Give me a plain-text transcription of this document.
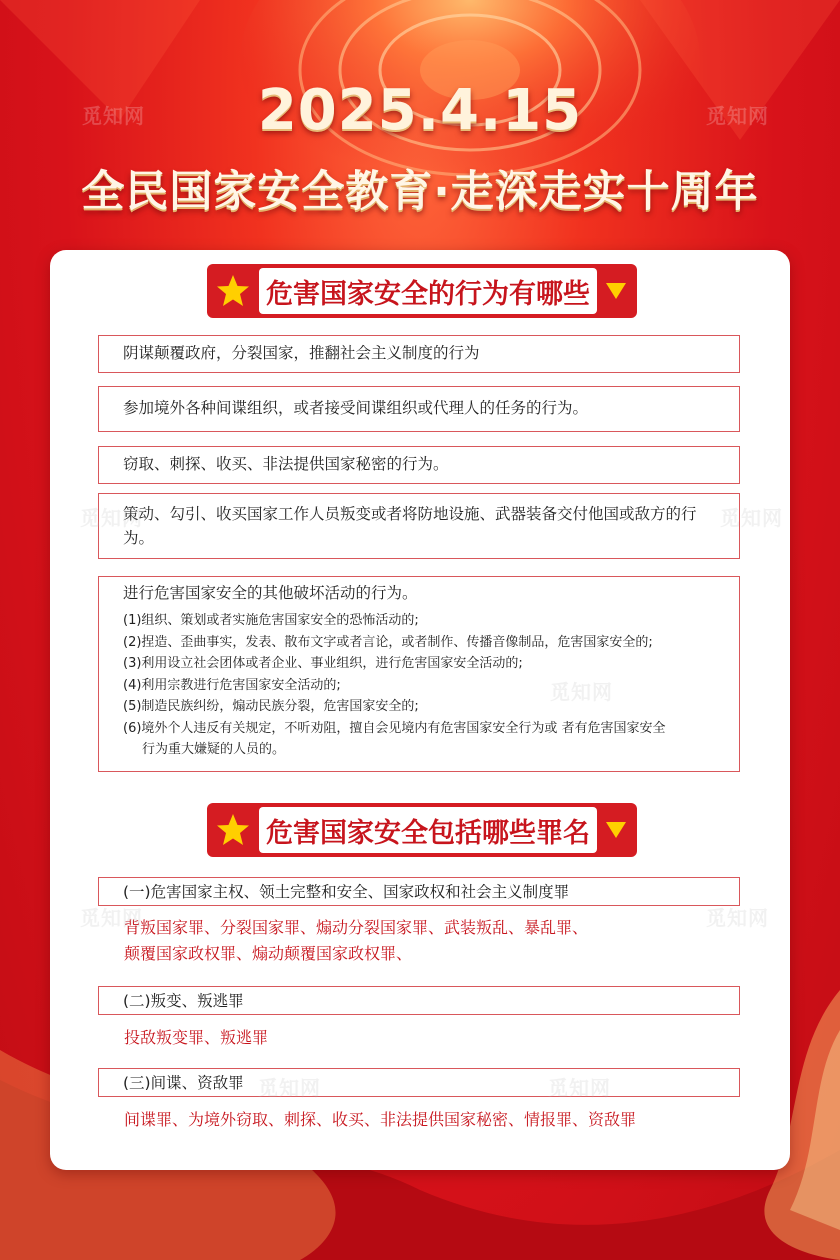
觅知网	觅知网
2025.4.15
全民国家安全教育·走深走实十周年
危害国家安全的行为有哪些
阴谋颠覆政府，分裂国家，推翻社会主义制度的行为
参加境外各种间谍组织，或者接受间谍组织或代理人的任务的行为。
窃取、刺探、收买、非法提供国家秘密的行为。
策动、勾引、收买国家工作人员叛变或者将防地设施、武器装备交付他国或敌方的行为。
进行危害国家安全的其他破坏活动的行为。
(1)组织、策划或者实施危害国家安全的恐怖活动的;
(2)捏造、歪曲事实，发表、散布文字或者言论，或者制作、传播音像制品，危害国家安全的;
(3)利用设立社会团体或者企业、事业组织，进行危害国家安全活动的;
(4)利用宗教进行危害国家安全活动的;
(5)制造民族纠纷，煽动民族分裂，危害国家安全的;
(6)境外个人违反有关规定，不听劝阻，擅自会见境内有危害国家安全行为或 者有危害国家安全
行为重大嫌疑的人员的。
危害国家安全包括哪些罪名
(一)危害国家主权、领土完整和安全、国家政权和社会主义制度罪
背叛国家罪、分裂国家罪、煽动分裂国家罪、武装叛乱、暴乱罪、
颠覆国家政权罪、煽动颠覆国家政权罪、
(二)叛变、叛逃罪
投敌叛变罪、叛逃罪
(三)间谍、资敌罪
间谍罪、为境外窃取、刺探、收买、非法提供国家秘密、情报罪、资敌罪
觅知网	觅知网
觅知网
觅知网	觅知网
觅知网	觅知网
